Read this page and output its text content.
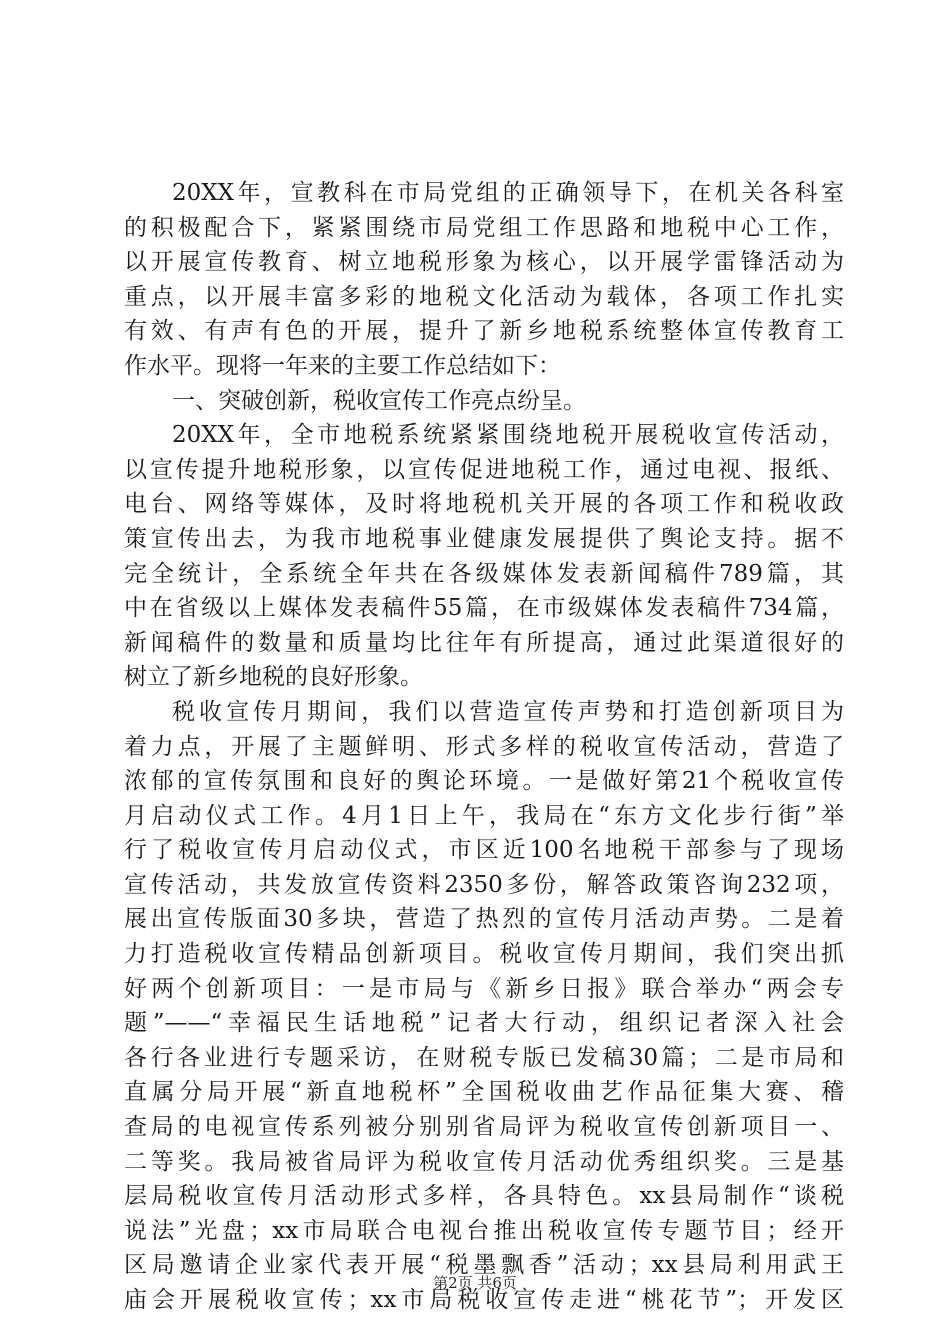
20XX年，宣教科在市局党组的正确领导下，在机关各科室
的积极配合下，紧紧围绕市局党组工作思路和地税中心工作，
以开展宣传教育、树立地税形象为核心，以开展学雷锋活动为
重点，以开展丰富多彩的地税文化活动为载体，各项工作扎实
有效、有声有色的开展，提升了新乡地税系统整体宣传教育工
作水平。现将一年来的主要工作总结如下：
一、突破创新，税收宣传工作亮点纷呈。
20XX年，全市地税系统紧紧围绕地税开展税收宣传活动，
以宣传提升地税形象，以宣传促进地税工作，通过电视、报纸、
电台、网络等媒体，及时将地税机关开展的各项工作和税收政
策宣传出去，为我市地税事业健康发展提供了舆论支持。据不
完全统计，全系统全年共在各级媒体发表新闻稿件789篇，其
中在省级以上媒体发表稿件55篇，在市级媒体发表稿件734篇，
新闻稿件的数量和质量均比往年有所提高，通过此渠道很好的
树立了新乡地税的良好形象。
税收宣传月期间，我们以营造宣传声势和打造创新项目为
着力点，开展了主题鲜明、形式多样的税收宣传活动，营造了
浓郁的宣传氛围和良好的舆论环境。一是做好第21个税收宣传
月启动仪式工作。4月1日上午，我局在“东方文化步行街”举
行了税收宣传月启动仪式，市区近100名地税干部参与了现场
宣传活动，共发放宣传资料2350多份，解答政策咨询232项，
展出宣传版面30多块，营造了热烈的宣传月活动声势。二是着
力打造税收宣传精品创新项目。税收宣传月期间，我们突出抓
好两个创新项目：一是市局与《新乡日报》联合举办“两会专
题”——“幸福民生话地税”记者大行动，组织记者深入社会
各行各业进行专题采访，在财税专版已发稿30篇；二是市局和
直属分局开展“新直地税杯”全国税收曲艺作品征集大赛、稽
查局的电视宣传系列被分别别省局评为税收宣传创新项目一、
二等奖。我局被省局评为税收宣传月活动优秀组织奖。三是基
层局税收宣传月活动形式多样，各具特色。xx县局制作“谈税
说法”光盘；xx市局联合电视台推出税收宣传专题节目；经开
区局邀请企业家代表开展“税墨飘香”活动；xx县局利用武王
庙会开展税收宣传；xx市局税收宣传走进“桃花节”；开发区
第2页 共6页
